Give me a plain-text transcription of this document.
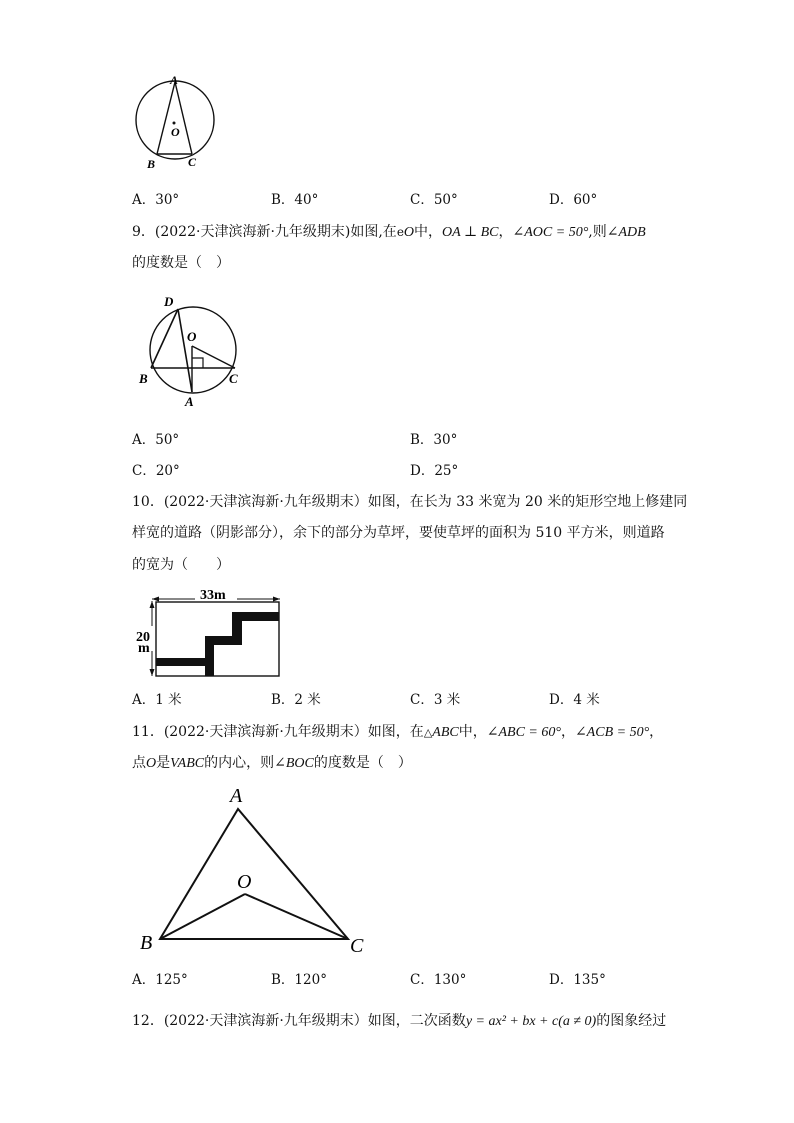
A
O
B	C
A．30°	B．40°	C．50°	D．60°
9．(2022·天津滨海新·九年级期末)如图,在eO中，OA ⊥ BC，∠AOC = 50°,则∠ADB
的度数是（　）
D
O
B	C
A
A．50°	B．30°
C．20°	D．25°
10．(2022·天津滨海新·九年级期末）如图，在长为 33 米宽为 20 米的矩形空地上修建同
样宽的道路（阴影部分），余下的部分为草坪，要使草坪的面积为 510 平方米，则道路
的宽为（　　）
33m
20
m
A．1 米	B．2 米	C．3 米	D．4 米
11．(2022·天津滨海新·九年级期末）如图，在△ABC中，∠ABC = 60°，∠ACB = 50°，
点O是VABC的内心，则∠BOC的度数是（　）
A
O
B	C
A．125°	B．120°	C．130°	D．135°
12．(2022·天津滨海新·九年级期末）如图，二次函数y = ax² + bx + c(a ≠ 0)的图象经过
